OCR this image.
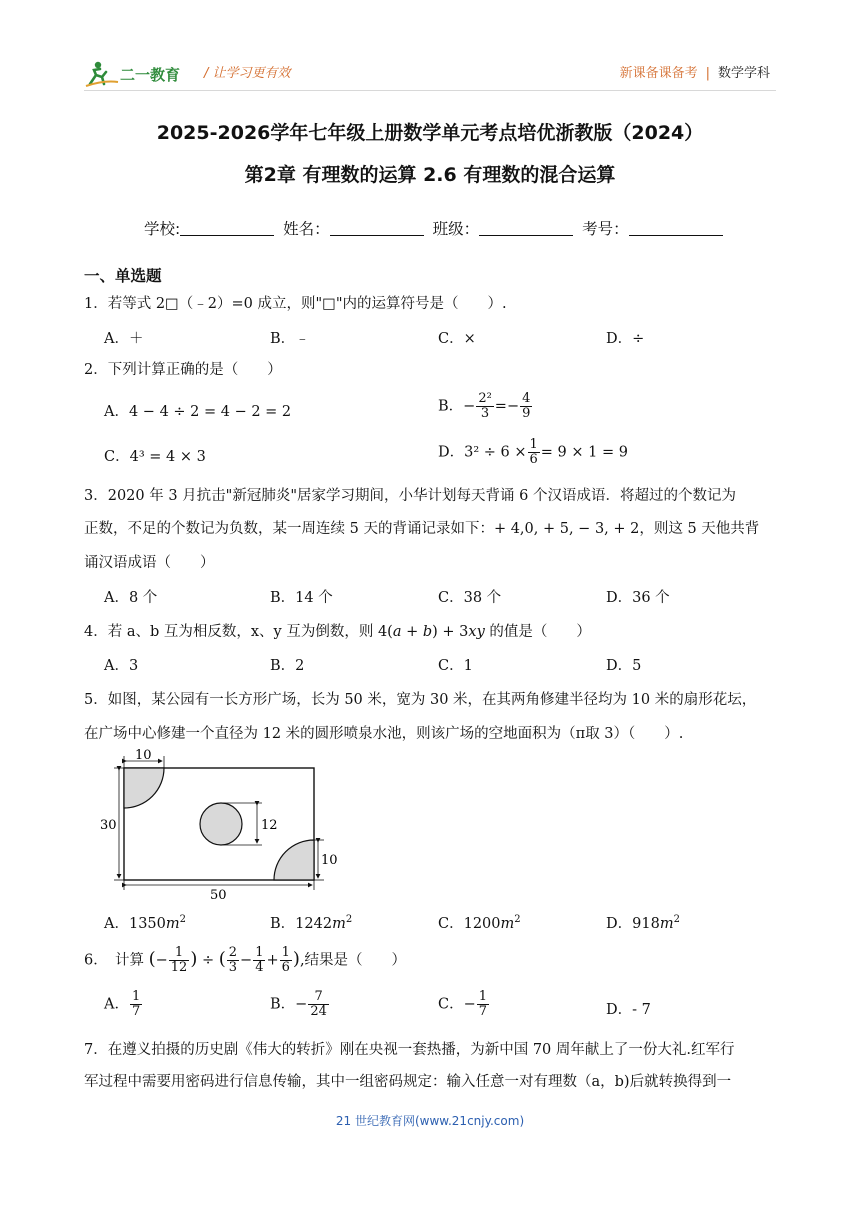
二一教育 / 让学习更有效	新课备课备考 | 数学学科
2025-2026学年七年级上册数学单元考点培优浙教版（2024）
第2章 有理数的运算 2.6 有理数的混合运算
学校:	姓名：	班级：	考号：
一、单选题
1．若等式 2□（﹣2）=0 成立，则"□"内的运算符号是（　　）.
A．＋	B．﹣	C．×	D．÷
2．下列计算正确的是（　　）
A．4 − 4 ÷ 2 = 4 − 2 = 2	B．− $\frac{\text{2²}}{3} =- \frac{4}{9}$
C．4³ = 4 × 3	D．$3^2 \div 6 \times \frac{1}{6} = 9 \times 1 = 9$
3．2020 年 3 月抗击"新冠肺炎"居家学习期间，小华计划每天背诵 6 个汉语成语．将超过的个数记为
正数，不足的个数记为负数，某一周连续 5 天的背诵记录如下：+ 4,0, + 5, − 3, + 2，则这 5 天他共背
诵汉语成语（　　）
A．8 个	B．14 个	C．38 个	D．36 个
4．若 a、b 互为相反数，x、y 互为倒数，则 4(a + b) + 3xy 的值是（　　）
A．3	B．2	C．1	D．5
5．如图，某公园有一长方形广场，长为 50 米，宽为 30 米，在其两角修建半径均为 10 米的扇形花坛，
在广场中心修建一个直径为 12 米的圆形喷泉水池，则该广场的空地面积为（π取 3）（　　）.
12
10
30
10
50
A．$1350m^2$	B．$1242m^2$	C．$1200m^2$	D．$918m^2$
6．　计算 (− $\frac{1}{12}$ ) ÷ ( $\frac{2}{3} - \frac{1}{4} + \frac{1}{6}$ ),结果是（　　）
A． $\frac{1}{7}$	B．− $\frac{7}{24}$	C．− $\frac{1}{7}$	D．- 7
7．在遵义拍摄的历史剧《伟大的转折》刚在央视一套热播，为新中国 70 周年献上了一份大礼.红军行
军过程中需要用密码进行信息传输，其中一组密码规定：输入任意一对有理数（a，b)后就转换得到一
21 世纪教育网(www.21cnjy.com)
